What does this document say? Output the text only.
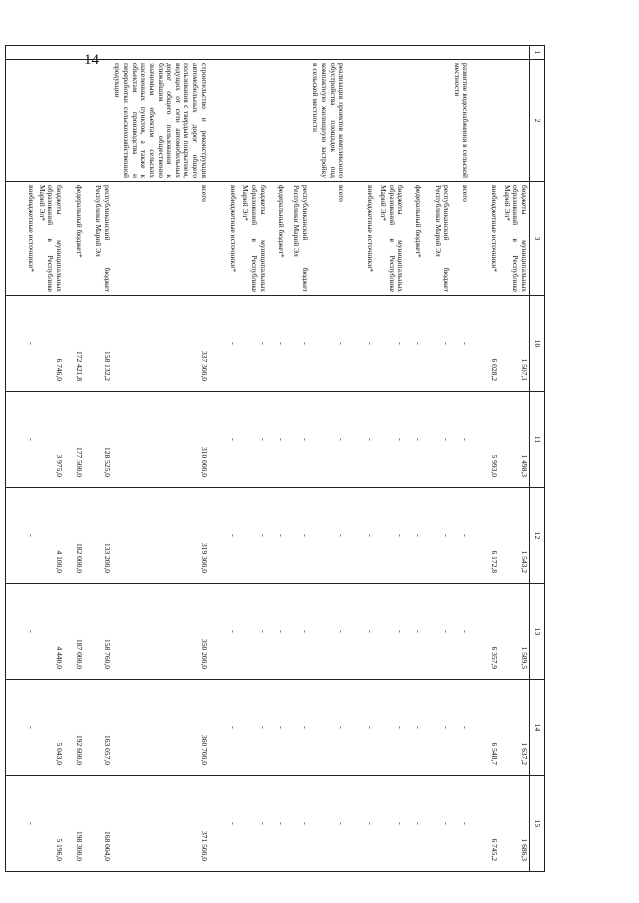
14	1	2	3	10	11	12	13	14	15
		бюджеты муниципальных образований в Республике Марий Эл*	1 507,1	1 498,3	1 543,2	1 589,5	1 637,2	1 686,3
		внебюджетные источники*	6 028,2	5 993,0	6 172,8	6 357,9	6 548,7	6 745,2
	развитие водоснабжения в сельской местности	всего	-	-	-	-	-	-
		республиканский бюджет Республики Марий Эл	-	-	-	-	-	-
		федеральный бюджет*	-	-	-	-	-	-
		бюджеты муниципальных образований в Республике Марий Эл*	-	-	-	-	-	-
		внебюджетные источники*	-	-	-	-	-	-
	реализация проектов комплексного обустройства площадок под компактную жилищную застройку в сельской местности	всего	-	-	-	-	-	-
		республиканский бюджет Республики Марий Эл	-	-	-	-	-	-
		федеральный бюджет*	-	-	-	-	-	-
		бюджеты муниципальных образований в Республике Марий Эл*	-	-	-	-	-	-
		внебюджетные источники*	-	-	-	-	-	-
	строительство и реконструкция автомобильных дорог общего пользования с твердым покрытием, ведущих от сети автомобильных дорог общего пользования к ближайшим общественно значимым объектам сельских населенных пунктов, а также к объектам производства и переработки сельскохозяйственной продукции	всего	337 300,0	310 000,0	319 300,0	350 200,0	360 700,0	371 500,0
		республиканский бюджет Республики Марий Эл	158 132,2	128 525,0	133 200,0	158 760,0	163 057,0	168 004,0
		федеральный бюджет*	172 421,8	177 500,0	182 000,0	187 000,0	192 600,0	198 300,0
		бюджеты муниципальных образований в Республике Марий Эл*	6 746,0	3 975,0	4 100,0	4 440,0	5 043,0	5 196,0
		внебюджетные источники*	-	-	-	-	-	-
